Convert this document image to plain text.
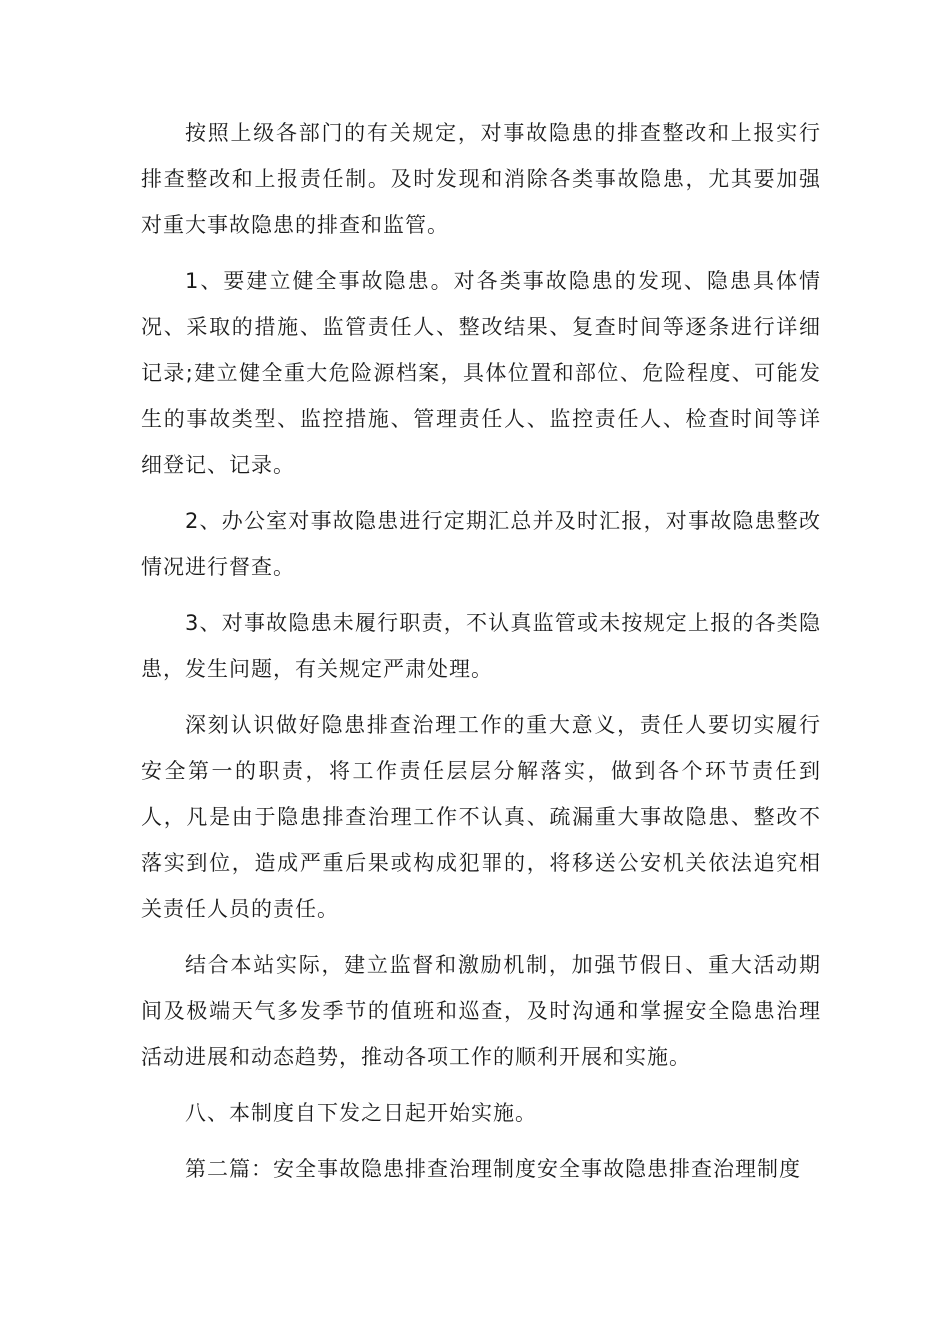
按照上级各部门的有关规定，对事故隐患的排查整改和上报实行排查整改和上报责任制。及时发现和消除各类事故隐患，尤其要加强对重大事故隐患的排查和监管。

1、要建立健全事故隐患。对各类事故隐患的发现、隐患具体情况、采取的措施、监管责任人、整改结果、复查时间等逐条进行详细记录;建立健全重大危险源档案，具体位置和部位、危险程度、可能发生的事故类型、监控措施、管理责任人、监控责任人、检查时间等详细登记、记录。

2、办公室对事故隐患进行定期汇总并及时汇报，对事故隐患整改情况进行督查。

3、对事故隐患未履行职责，不认真监管或未按规定上报的各类隐患，发生问题，有关规定严肃处理。

深刻认识做好隐患排查治理工作的重大意义，责任人要切实履行安全第一的职责，将工作责任层层分解落实，做到各个环节责任到人，凡是由于隐患排查治理工作不认真、疏漏重大事故隐患、整改不落实到位，造成严重后果或构成犯罪的，将移送公安机关依法追究相关责任人员的责任。

结合本站实际，建立监督和激励机制，加强节假日、重大活动期间及极端天气多发季节的值班和巡查，及时沟通和掌握安全隐患治理活动进展和动态趋势，推动各项工作的顺利开展和实施。

八、本制度自下发之日起开始实施。

第二篇：安全事故隐患排查治理制度安全事故隐患排查治理制度
